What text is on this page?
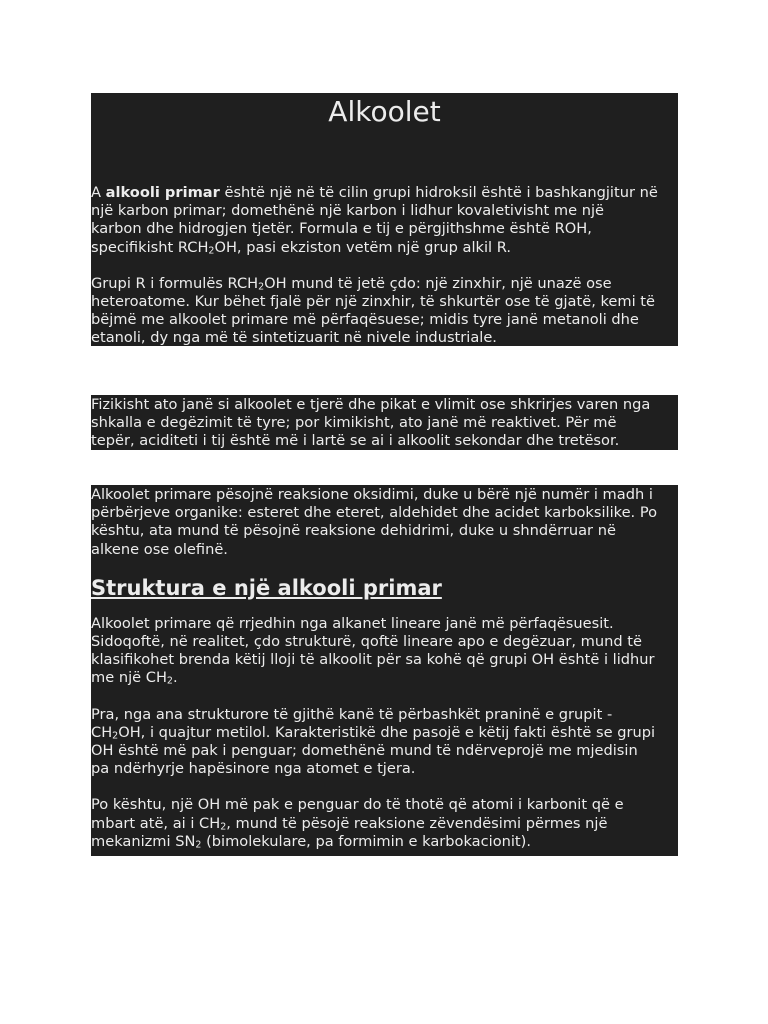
Alkoolet

A alkooli primar është një në të cilin grupi hidroksil është i bashkangjitur në
një karbon primar; domethënë një karbon i lidhur kovaletivisht me një
karbon dhe hidrogjen tjetër. Formula e tij e përgjithshme është ROH,
specifikisht RCH2OH, pasi ekziston vetëm një grup alkil R.

Grupi R i formulës RCH2OH mund të jetë çdo: një zinxhir, një unazë ose
heteroatome. Kur bëhet fjalë për një zinxhir, të shkurtër ose të gjatë, kemi të
bëjmë me alkoolet primare më përfaqësuese; midis tyre janë metanoli dhe
etanoli, dy nga më të sintetizuarit në nivele industriale.

Fizikisht ato janë si alkoolet e tjerë dhe pikat e vlimit ose shkrirjes varen nga
shkalla e degëzimit të tyre; por kimikisht, ato janë më reaktivet. Për më
tepër, aciditeti i tij është më i lartë se ai i alkoolit sekondar dhe tretësor.

Alkoolet primare pësojnë reaksione oksidimi, duke u bërë një numër i madh i
përbërjeve organike: esteret dhe eteret, aldehidet dhe acidet karboksilike. Po
kështu, ata mund të pësojnë reaksione dehidrimi, duke u shndërruar në
alkene ose olefinë.

Struktura e një alkooli primar

Alkoolet primare që rrjedhin nga alkanet lineare janë më përfaqësuesit.
Sidoqoftë, në realitet, çdo strukturë, qoftë lineare apo e degëzuar, mund të
klasifikohet brenda këtij lloji të alkoolit për sa kohë që grupi OH është i lidhur
me një CH2.

Pra, nga ana strukturore të gjithë kanë të përbashkët praninë e grupit -
CH2OH, i quajtur metilol. Karakteristikë dhe pasojë e këtij fakti është se grupi
OH është më pak i penguar; domethënë mund të ndërveprojë me mjedisin
pa ndërhyrje hapësinore nga atomet e tjera.

Po kështu, një OH më pak e penguar do të thotë që atomi i karbonit që e
mbart atë, ai i CH2, mund të pësojë reaksione zëvendësimi përmes një
mekanizmi SN2 (bimolekulare, pa formimin e karbokacionit).
